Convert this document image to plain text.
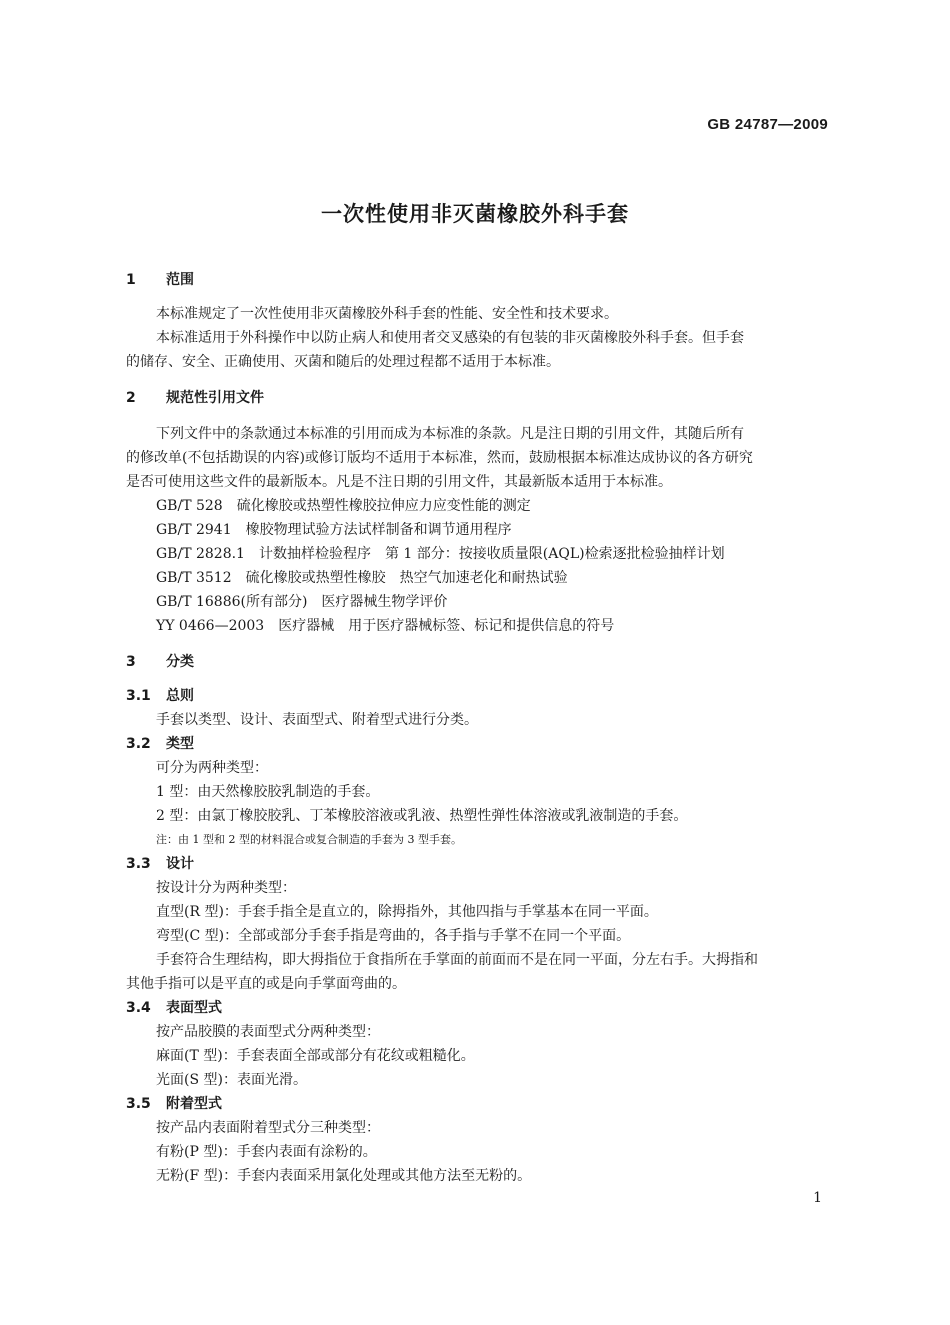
GB 24787—2009
一次性使用非灭菌橡胶外科手套
1 范围
本标准规定了一次性使用非灭菌橡胶外科手套的性能、安全性和技术要求。
本标准适用于外科操作中以防止病人和使用者交叉感染的有包装的非灭菌橡胶外科手套。但手套
的储存、安全、正确使用、灭菌和随后的处理过程都不适用于本标准。
2 规范性引用文件
下列文件中的条款通过本标准的引用而成为本标准的条款。凡是注日期的引用文件，其随后所有
的修改单(不包括勘误的内容)或修订版均不适用于本标准，然而，鼓励根据本标准达成协议的各方研究
是否可使用这些文件的最新版本。凡是不注日期的引用文件，其最新版本适用于本标准。
GB/T 528　硫化橡胶或热塑性橡胶拉伸应力应变性能的测定
GB/T 2941　橡胶物理试验方法试样制备和调节通用程序
GB/T 2828.1　计数抽样检验程序　第 1 部分：按接收质量限(AQL)检索逐批检验抽样计划
GB/T 3512　硫化橡胶或热塑性橡胶　热空气加速老化和耐热试验
GB/T 16886(所有部分)　医疗器械生物学评价
YY 0466—2003　医疗器械　用于医疗器械标签、标记和提供信息的符号
3 分类
3.1 总则
手套以类型、设计、表面型式、附着型式进行分类。
3.2 类型
可分为两种类型：
1 型：由天然橡胶胶乳制造的手套。
2 型：由氯丁橡胶胶乳、丁苯橡胶溶液或乳液、热塑性弹性体溶液或乳液制造的手套。
注：由 1 型和 2 型的材料混合或复合制造的手套为 3 型手套。
3.3 设计
按设计分为两种类型：
直型(R 型)：手套手指全是直立的，除拇指外，其他四指与手掌基本在同一平面。
弯型(C 型)：全部或部分手套手指是弯曲的，各手指与手掌不在同一个平面。
手套符合生理结构，即大拇指位于食指所在手掌面的前面而不是在同一平面，分左右手。大拇指和
其他手指可以是平直的或是向手掌面弯曲的。
3.4 表面型式
按产品胶膜的表面型式分两种类型：
麻面(T 型)：手套表面全部或部分有花纹或粗糙化。
光面(S 型)：表面光滑。
3.5 附着型式
按产品内表面附着型式分三种类型：
有粉(P 型)：手套内表面有涂粉的。
无粉(F 型)：手套内表面采用氯化处理或其他方法至无粉的。
1
